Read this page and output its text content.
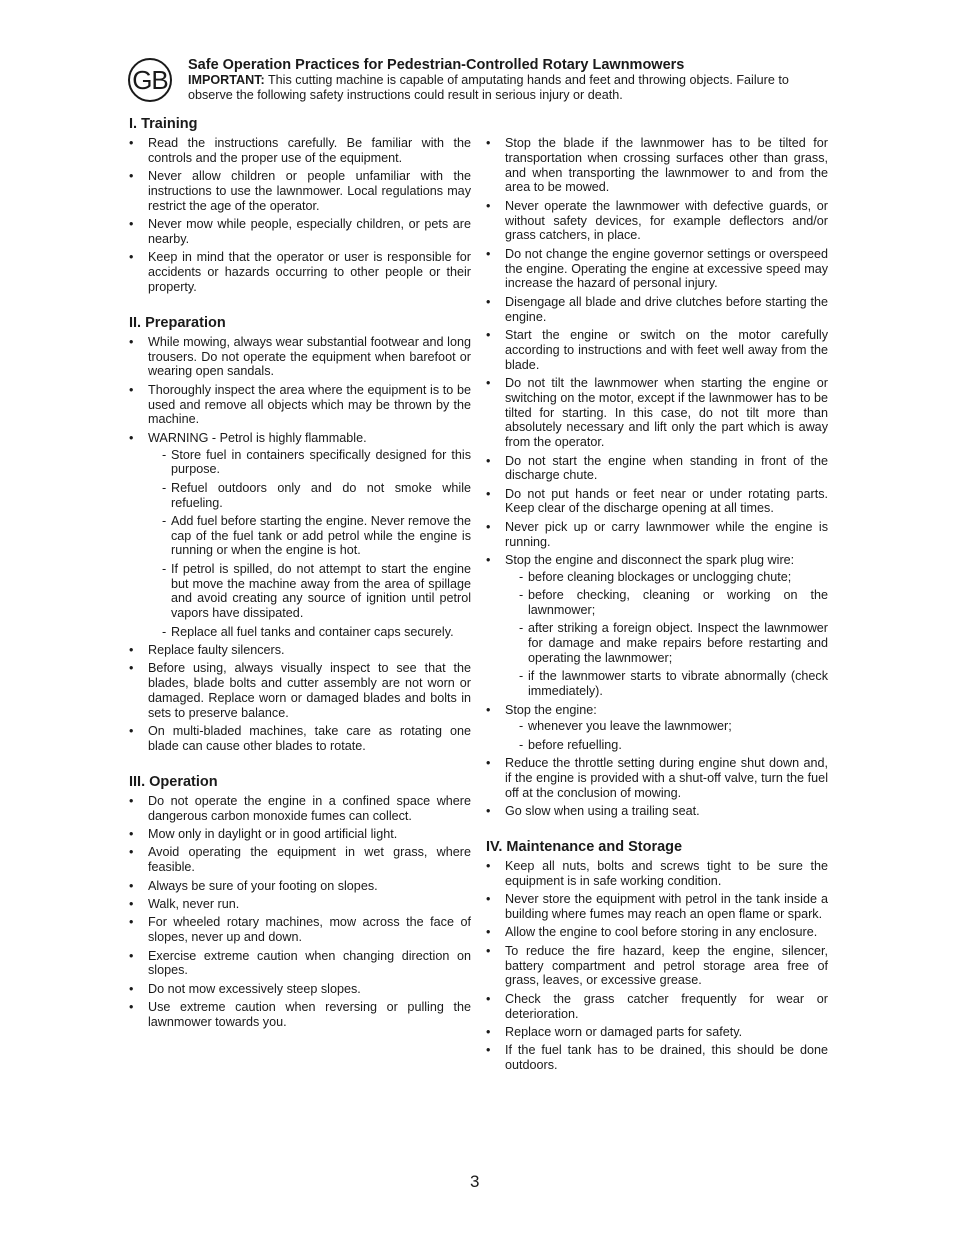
GB Safe Operation Practices for Pedestrian-Controlled Rotary Lawnmowers

IMPORTANT: This cutting machine is capable of amputating hands and feet and throwing objects. Failure to observe the following safety instructions could result in serious injury or death.

I. Training
• Read the instructions carefully. Be familiar with the controls and the proper use of the equipment.
• Never allow children or people unfamiliar with the instructions to use the lawnmower. Local regulations may restrict the age of the operator.
• Never mow while people, especially children, or pets are nearby.
• Keep in mind that the operator or user is responsible for accidents or hazards occurring to other people or their property.
II. Preparation
• While mowing, always wear substantial footwear and long trousers. Do not operate the equipment when barefoot or wearing open sandals.
• Thoroughly inspect the area where the equipment is to be used and remove all objects which may be thrown by the machine.
• WARNING - Petrol is highly flammable.
- Store fuel in containers specifically designed for this purpose.
- Refuel outdoors only and do not smoke while refueling.
- Add fuel before starting the engine. Never remove the cap of the fuel tank or add petrol while the engine is running or when the engine is hot.
- If petrol is spilled, do not attempt to start the engine but move the machine away from the area of spillage and avoid creating any source of ignition until petrol vapors have dissipated.
- Replace all fuel tanks and container caps securely.
• Replace faulty silencers.
• Before using, always visually inspect to see that the blades, blade bolts and cutter assembly are not worn or damaged. Replace worn or damaged blades and bolts in sets to preserve balance.
• On multi-bladed machines, take care as rotating one blade can cause other blades to rotate.
III. Operation
• Do not operate the engine in a confined space where dangerous carbon monoxide fumes can collect.
• Mow only in daylight or in good artificial light.
• Avoid operating the equipment in wet grass, where feasible.
• Always be sure of your footing on slopes.
• Walk, never run.
• For wheeled rotary machines, mow across the face of slopes, never up and down.
• Exercise extreme caution when changing direction on slopes.
• Do not mow excessively steep slopes.
• Use extreme caution when reversing or pulling the lawnmower towards you.
• Stop the blade if the lawnmower has to be tilted for transportation when crossing surfaces other than grass, and when transporting the lawnmower to and from the area to be mowed.
• Never operate the lawnmower with defective guards, or without safety devices, for example deflectors and/or grass catchers, in place.
• Do not change the engine governor settings or overspeed the engine. Operating the engine at excessive speed may increase the hazard of personal injury.
• Disengage all blade and drive clutches before starting the engine.
• Start the engine or switch on the motor carefully according to instructions and with feet well away from the blade.
• Do not tilt the lawnmower when starting the engine or switching on the motor, except if the lawnmower has to be tilted for starting. In this case, do not tilt more than absolutely necessary and lift only the part which is away from the operator.
• Do not start the engine when standing in front of the discharge chute.
• Do not put hands or feet near or under rotating parts. Keep clear of the discharge opening at all times.
• Never pick up or carry lawnmower while the engine is running.
• Stop the engine and disconnect the spark plug wire:
- before cleaning blockages or unclogging chute;
- before checking, cleaning or working on the lawnmower;
- after striking a foreign object. Inspect the lawnmower for damage and make repairs before restarting and operating the lawnmower;
- if the lawnmower starts to vibrate abnormally (check immediately).
• Stop the engine:
- whenever you leave the lawnmower;
- before refuelling.
• Reduce the throttle setting during engine shut down and, if the engine is provided with a shut-off valve, turn the fuel off at the conclusion of mowing.
• Go slow when using a trailing seat.
IV. Maintenance and Storage
• Keep all nuts, bolts and screws tight to be sure the equipment is in safe working condition.
• Never store the equipment with petrol in the tank inside a building where fumes may reach an open flame or spark.
• Allow the engine to cool before storing in any enclosure.
• To reduce the fire hazard, keep the engine, silencer, battery compartment and petrol storage area free of grass, leaves, or excessive grease.
• Check the grass catcher frequently for wear or deterioration.
• Replace worn or damaged parts for safety.
• If the fuel tank has to be drained, this should be done outdoors.
3
